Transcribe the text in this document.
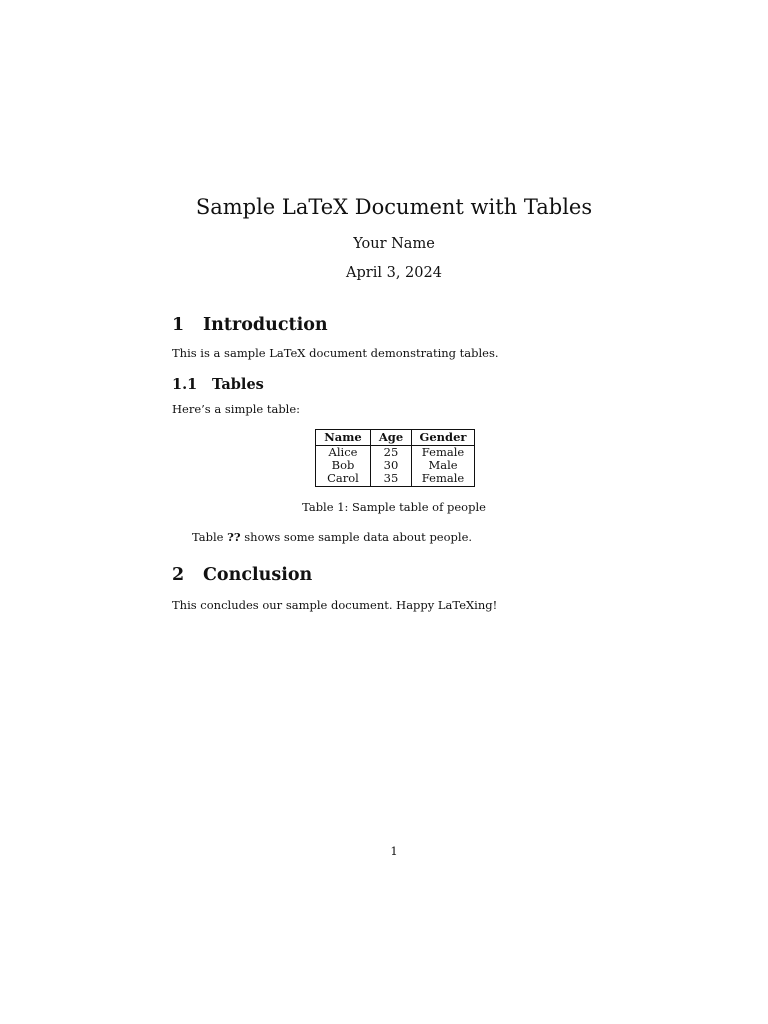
Sample LaTeX Document with Tables
Your Name
April 3, 2024
1 Introduction
This is a sample LaTeX document demonstrating tables.
1.1 Tables
Here’s a simple table:
Name	Age	Gender
Alice	25	Female
Bob	30	Male
Carol	35	Female
Table 1: Sample table of people
Table ?? shows some sample data about people.
2 Conclusion
This concludes our sample document. Happy LaTeXing!
1
